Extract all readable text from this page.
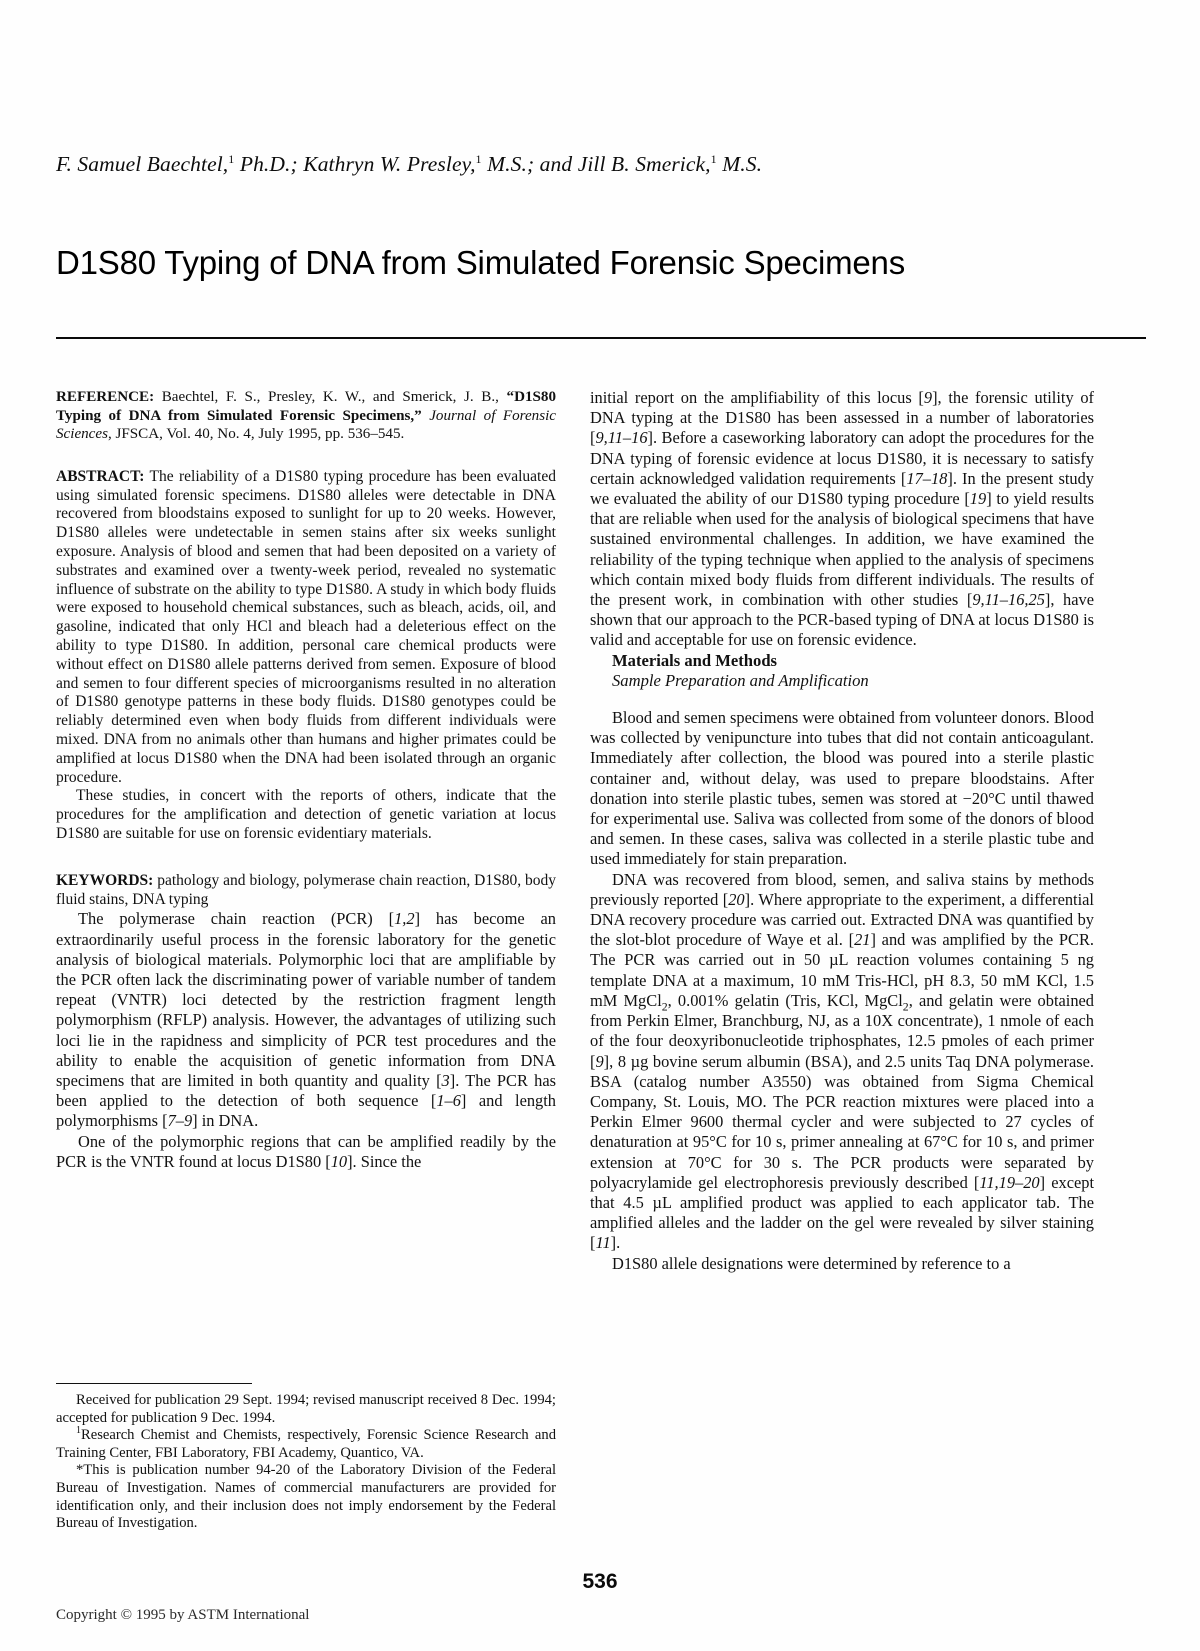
F. Samuel Baechtel,$^1$ Ph.D.; Kathryn W. Presley,$^1$ M.S.; and Jill B. Smerick,$^1$ M.S.
D1S80 Typing of DNA from Simulated Forensic Specimens
REFERENCE: Baechtel, F. S., Presley, K. W., and Smerick, J. B., “D1S80 Typing of DNA from Simulated Forensic Specimens,” Journal of Forensic Sciences, JFSCA, Vol. 40, No. 4, July 1995, pp. 536–545.

ABSTRACT: The reliability of a D1S80 typing procedure has been evaluated using simulated forensic specimens. D1S80 alleles were detectable in DNA recovered from bloodstains exposed to sunlight for up to 20 weeks. However, D1S80 alleles were undetectable in semen stains after six weeks sunlight exposure. Analysis of blood and semen that had been deposited on a variety of substrates and examined over a twenty-week period, revealed no systematic influence of substrate on the ability to type D1S80. A study in which body fluids were exposed to household chemical substances, such as bleach, acids, oil, and gasoline, indicated that only HCl and bleach had a deleterious effect on the ability to type D1S80. In addition, personal care chemical products were without effect on D1S80 allele patterns derived from semen. Exposure of blood and semen to four different species of microorganisms resulted in no alteration of D1S80 genotype patterns in these body fluids. D1S80 genotypes could be reliably determined even when body fluids from different individuals were mixed. DNA from no animals other than humans and higher primates could be amplified at locus D1S80 when the DNA had been isolated through an organic procedure.

These studies, in concert with the reports of others, indicate that the procedures for the amplification and detection of genetic variation at locus D1S80 are suitable for use on forensic evidentiary materials.

KEYWORDS: pathology and biology, polymerase chain reaction, D1S80, body fluid stains, DNA typing

The polymerase chain reaction (PCR) [1,2] has become an extraordinarily useful process in the forensic laboratory for the genetic analysis of biological materials. Polymorphic loci that are amplifiable by the PCR often lack the discriminating power of variable number of tandem repeat (VNTR) loci detected by the restriction fragment length polymorphism (RFLP) analysis. However, the advantages of utilizing such loci lie in the rapidness and simplicity of PCR test procedures and the ability to enable the acquisition of genetic information from DNA specimens that are limited in both quantity and quality [3]. The PCR has been applied to the detection of both sequence [1–6] and length polymorphisms [7–9] in DNA.

One of the polymorphic regions that can be amplified readily by the PCR is the VNTR found at locus D1S80 [10]. Since the

Received for publication 29 Sept. 1994; revised manuscript received 8 Dec. 1994; accepted for publication 9 Dec. 1994.

$^1$Research Chemist and Chemists, respectively, Forensic Science Research and Training Center, FBI Laboratory, FBI Academy, Quantico, VA.

*This is publication number 94-20 of the Laboratory Division of the Federal Bureau of Investigation. Names of commercial manufacturers are provided for identification only, and their inclusion does not imply endorsement by the Federal Bureau of Investigation.

initial report on the amplifiability of this locus [9], the forensic utility of DNA typing at the D1S80 has been assessed in a number of laboratories [9,11–16]. Before a caseworking laboratory can adopt the procedures for the DNA typing of forensic evidence at locus D1S80, it is necessary to satisfy certain acknowledged validation requirements [17–18]. In the present study we evaluated the ability of our D1S80 typing procedure [19] to yield results that are reliable when used for the analysis of biological specimens that have sustained environmental challenges. In addition, we have examined the reliability of the typing technique when applied to the analysis of specimens which contain mixed body fluids from different individuals. The results of the present work, in combination with other studies [9,11–16,25], have shown that our approach to the PCR-based typing of DNA at locus D1S80 is valid and acceptable for use on forensic evidence.

Materials and Methods

Sample Preparation and Amplification

Blood and semen specimens were obtained from volunteer donors. Blood was collected by venipuncture into tubes that did not contain anticoagulant. Immediately after collection, the blood was poured into a sterile plastic container and, without delay, was used to prepare bloodstains. After donation into sterile plastic tubes, semen was stored at −20°C until thawed for experimental use. Saliva was collected from some of the donors of blood and semen. In these cases, saliva was collected in a sterile plastic tube and used immediately for stain preparation.

DNA was recovered from blood, semen, and saliva stains by methods previously reported [20]. Where appropriate to the experiment, a differential DNA recovery procedure was carried out. Extracted DNA was quantified by the slot-blot procedure of Waye et al. [21] and was amplified by the PCR. The PCR was carried out in 50 µL reaction volumes containing 5 ng template DNA at a maximum, 10 mM Tris-HCl, pH 8.3, 50 mM KCl, 1.5 mM MgCl$_2$, 0.001% gelatin (Tris, KCl, MgCl$_2$, and gelatin were obtained from Perkin Elmer, Branchburg, NJ, as a 10X concentrate), 1 nmole of each of the four deoxyribonucleotide triphosphates, 12.5 pmoles of each primer [9], 8 µg bovine serum albumin (BSA), and 2.5 units Taq DNA polymerase. BSA (catalog number A3550) was obtained from Sigma Chemical Company, St. Louis, MO. The PCR reaction mixtures were placed into a Perkin Elmer 9600 thermal cycler and were subjected to 27 cycles of denaturation at 95°C for 10 s, primer annealing at 67°C for 10 s, and primer extension at 70°C for 30 s. The PCR products were separated by polyacrylamide gel electrophoresis previously described [11,19–20] except that 4.5 µL amplified product was applied to each applicator tab. The amplified alleles and the ladder on the gel were revealed by silver staining [11].

D1S80 allele designations were determined by reference to a

536
Copyright © 1995 by ASTM International
